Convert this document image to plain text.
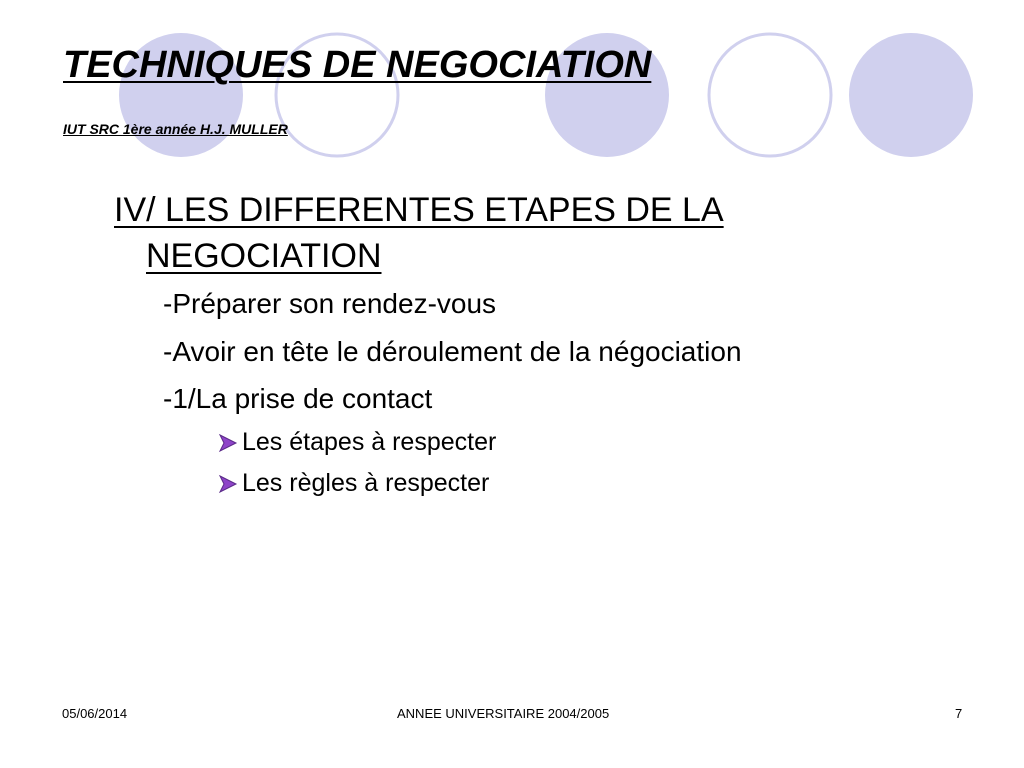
TECHNIQUES DE NEGOCIATION
IUT SRC 1ère année H.J. MULLER
IV/ LES DIFFERENTES ETAPES DE LA
NEGOCIATION
-Préparer son rendez-vous
-Avoir en tête le déroulement de la négociation
-1/La prise de contact
Les étapes à respecter
Les règles à respecter
05/06/2014	ANNEE UNIVERSITAIRE 2004/2005	7
